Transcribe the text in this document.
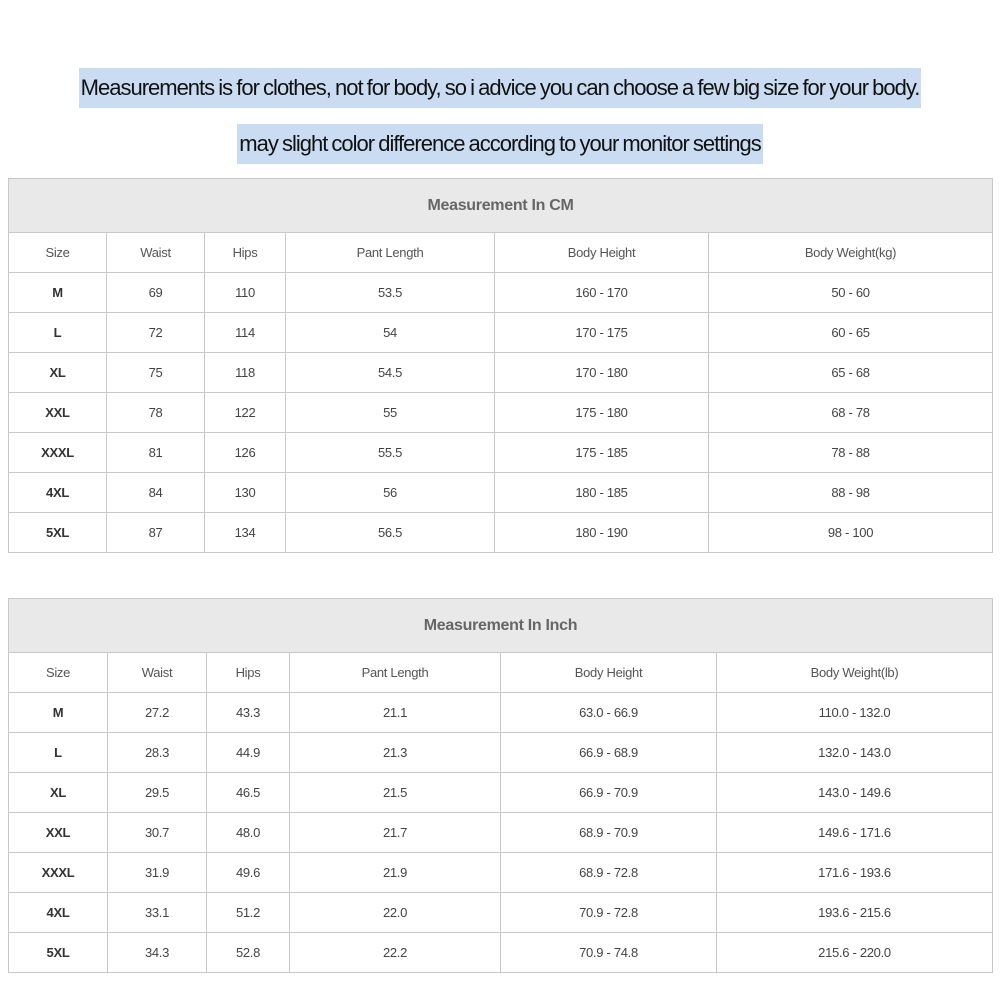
Measurements is for clothes, not for body, so i advice you can choose a few big size for your body.
may slight color difference according to your monitor settings
Measurement In CM					
Size	Waist	Hips	Pant Length	Body Height	Body Weight(kg)
M	69	110	53.5	160 - 170	50 - 60
L	72	114	54	170 - 175	60 - 65
XL	75	118	54.5	170 - 180	65 - 68
XXL	78	122	55	175 - 180	68 - 78
XXXL	81	126	55.5	175 - 185	78 - 88
4XL	84	130	56	180 - 185	88 - 98
5XL	87	134	56.5	180 - 190	98 - 100
Measurement In Inch					
Size	Waist	Hips	Pant Length	Body Height	Body Weight(lb)
M	27.2	43.3	21.1	63.0 - 66.9	110.0 - 132.0
L	28.3	44.9	21.3	66.9 - 68.9	132.0 - 143.0
XL	29.5	46.5	21.5	66.9 - 70.9	143.0 - 149.6
XXL	30.7	48.0	21.7	68.9 - 70.9	149.6 - 171.6
XXXL	31.9	49.6	21.9	68.9 - 72.8	171.6 - 193.6
4XL	33.1	51.2	22.0	70.9 - 72.8	193.6 - 215.6
5XL	34.3	52.8	22.2	70.9 - 74.8	215.6 - 220.0
